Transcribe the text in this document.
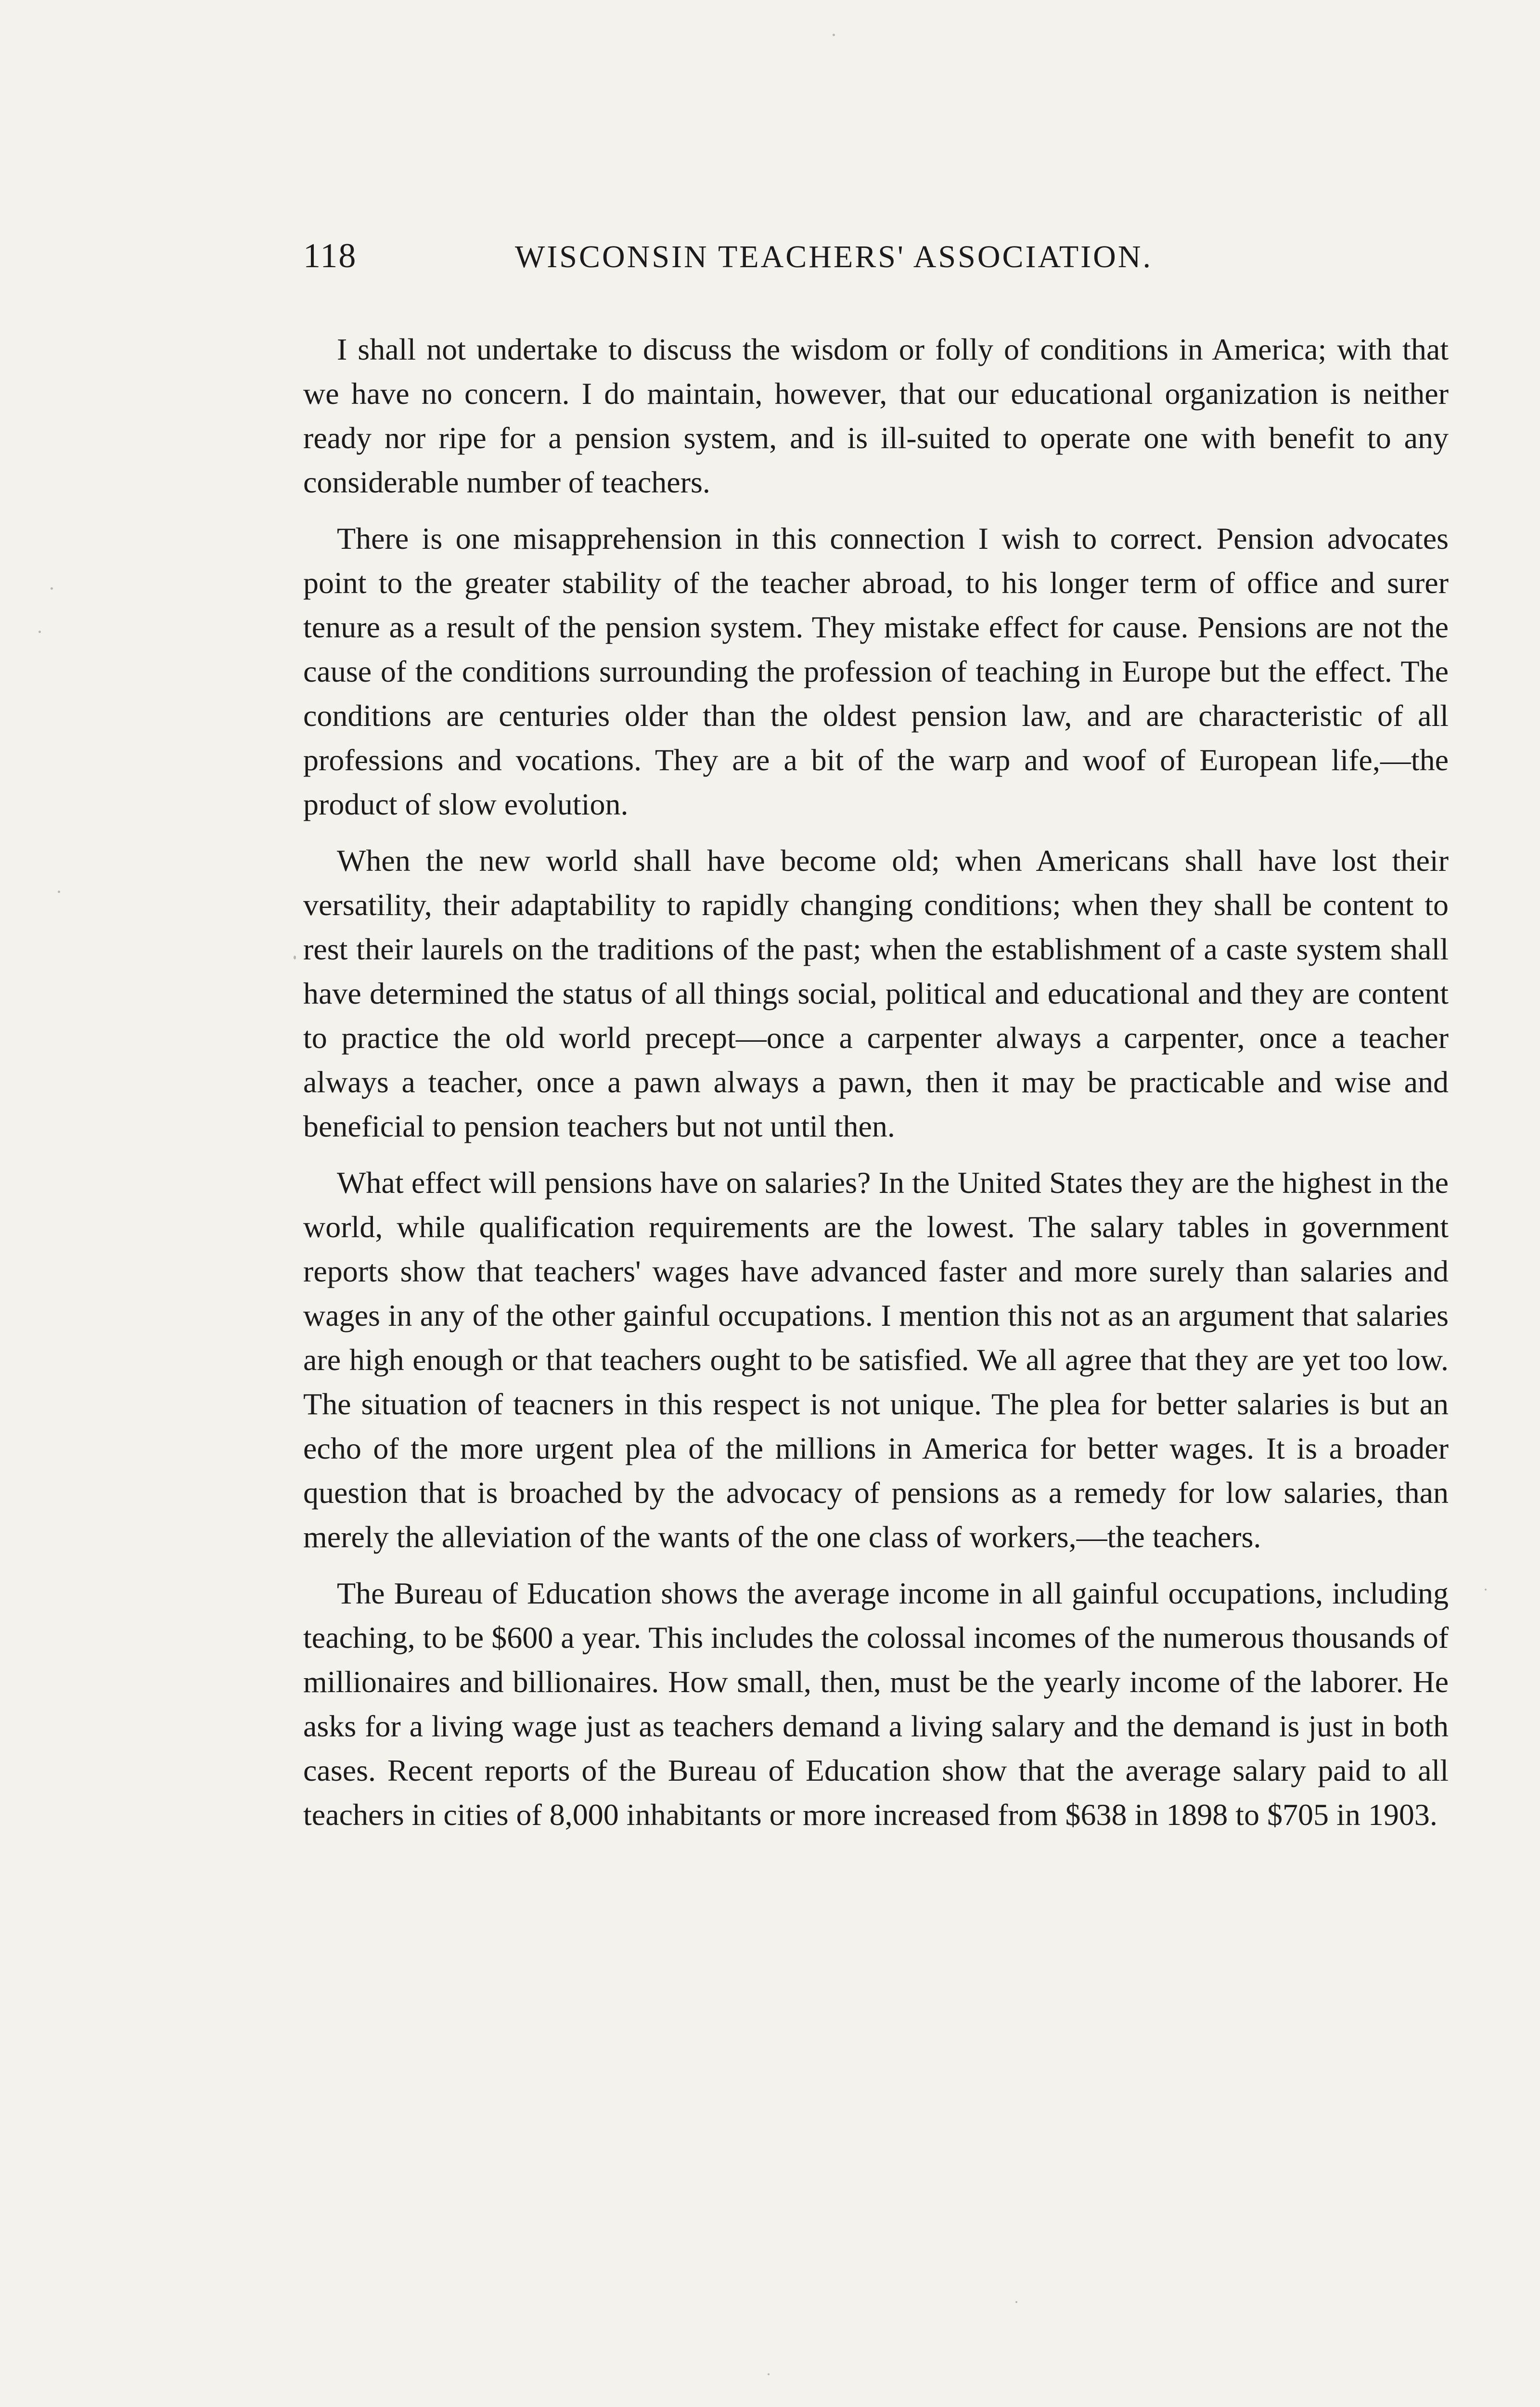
118	WISCONSIN TEACHERS' ASSOCIATION.

I shall not undertake to discuss the wisdom or folly of conditions in America; with that we have no concern. I do maintain, however, that our educational organization is neither ready nor ripe for a pension system, and is ill-suited to operate one with benefit to any considerable number of teachers.

There is one misapprehension in this connection I wish to correct. Pension advocates point to the greater stability of the teacher abroad, to his longer term of office and surer tenure as a result of the pension system. They mistake effect for cause. Pensions are not the cause of the conditions surrounding the profession of teaching in Europe but the effect. The conditions are centuries older than the oldest pension law, and are characteristic of all professions and vocations. They are a bit of the warp and woof of European life,—the product of slow evolution.

When the new world shall have become old; when Americans shall have lost their versatility, their adaptability to rapidly changing conditions; when they shall be content to rest their laurels on the traditions of the past; when the establishment of a caste system shall have determined the status of all things social, political and educational and they are content to practice the old world precept—once a carpenter always a carpenter, once a teacher always a teacher, once a pawn always a pawn, then it may be practicable and wise and beneficial to pension teachers but not until then.

What effect will pensions have on salaries? In the United States they are the highest in the world, while qualification requirements are the lowest. The salary tables in government reports show that teachers' wages have advanced faster and more surely than salaries and wages in any of the other gainful occupations. I mention this not as an argument that salaries are high enough or that teachers ought to be satisfied. We all agree that they are yet too low. The situation of teacners in this respect is not unique. The plea for better salaries is but an echo of the more urgent plea of the millions in America for better wages. It is a broader question that is broached by the advocacy of pensions as a remedy for low salaries, than merely the alleviation of the wants of the one class of workers,—the teachers.

The Bureau of Education shows the average income in all gainful occupations, including teaching, to be $600 a year. This includes the colossal incomes of the numerous thousands of millionaires and billionaires. How small, then, must be the yearly income of the laborer. He asks for a living wage just as teachers demand a living salary and the demand is just in both cases. Recent reports of the Bureau of Education show that the average salary paid to all teachers in cities of 8,000 inhabitants or more increased from $638 in 1898 to $705 in 1903.
